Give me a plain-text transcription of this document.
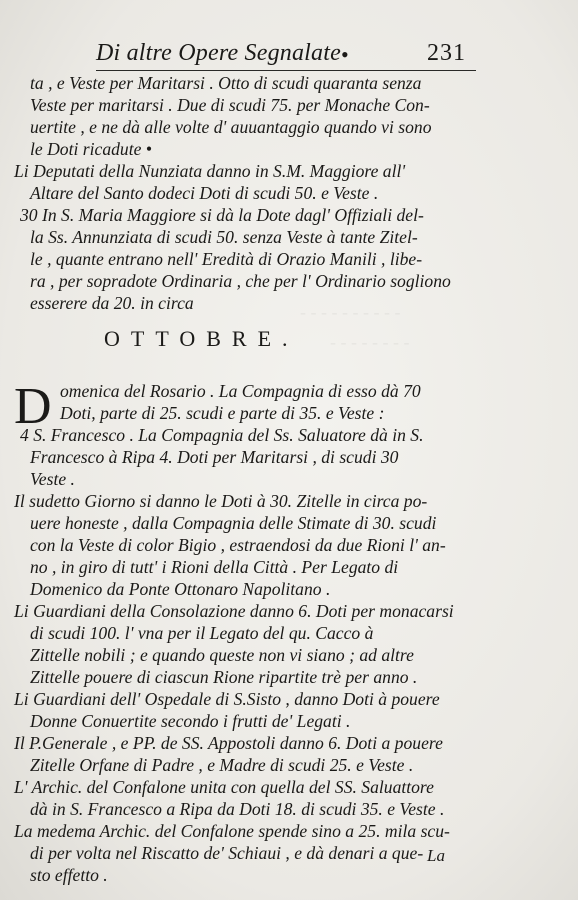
Di altre Opere Segnalate •	231
- - - - - - - - - -
- - - - - - - -
ta , e Veste per Maritarsi . Otto di scudi quaranta senza
Veste per maritarsi . Due di scudi 75. per Monache Con-
uertite , e ne dà alle volte d' auuantaggio quando vi sono
le Doti ricadute •
Li Deputati della Nunziata danno in S.M. Maggiore all'
Altare del Santo dodeci Doti di scudi 50. e Veste .
30 In S. Maria Maggiore si dà la Dote dagl' Offiziali del-
la Ss. Annunziata di scudi 50. senza Veste à tante Zitel-
le , quante entrano nell' Eredità di Orazio Manili , libe-
ra , per sopradote Ordinaria , che per l' Ordinario sogliono
esserere da 20. in circa
OTTOBRE.
D omenica del Rosario . La Compagnia di esso dà 70
Doti, parte di 25. scudi e parte di 35. e Veste :
4 S. Francesco . La Compagnia del Ss. Saluatore dà in S.
Francesco à Ripa 4. Doti per Maritarsi , di scudi 30
Veste .
Il sudetto Giorno si danno le Doti à 30. Zitelle in circa po-
uere honeste , dalla Compagnia delle Stimate di 30. scudi
con la Veste di color Bigio , estraendosi da due Rioni l' an-
no , in giro di tutt' i Rioni della Città . Per Legato di
Domenico da Ponte Ottonaro Napolitano .
Li Guardiani della Consolazione danno 6. Doti per monacarsi
di scudi 100. l' vna per il Legato del qu. Cacco à
Zittelle nobili ; e quando queste non vi siano ; ad altre
Zittelle pouere di ciascun Rione ripartite trè per anno .
Li Guardiani dell' Ospedale di S.Sisto , danno Doti à pouere
Donne Conuertite secondo i frutti de' Legati .
Il P.Generale , e PP. de SS. Appostoli danno 6. Doti a pouere
Zitelle Orfane di Padre , e Madre di scudi 25. e Veste .
L' Archic. del Confalone unita con quella del SS. Saluattore
dà in S. Francesco a Ripa da Doti 18. di scudi 35. e Veste .
La medema Archic. del Confalone spende sino a 25. mila scu-
di per volta nel Riscatto de' Schiaui , e dà denari a que-
sto effetto .
La
